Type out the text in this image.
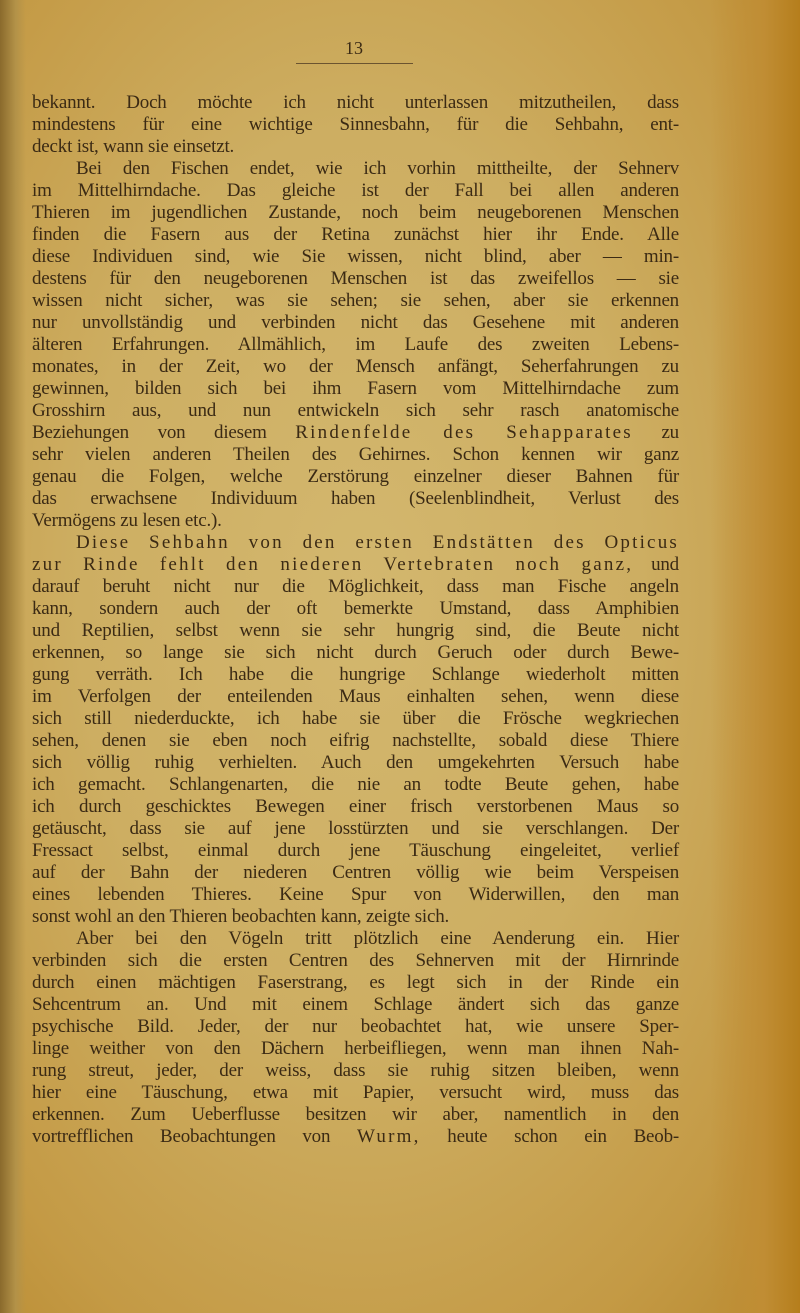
13
bekannt. Doch möchte ich nicht unterlassen mitzutheilen, dass
mindestens für eine wichtige Sinnesbahn, für die Sehbahn, ent-
deckt ist, wann sie einsetzt.
Bei den Fischen endet, wie ich vorhin mittheilte, der Sehnerv
im Mittelhirndache. Das gleiche ist der Fall bei allen anderen
Thieren im jugendlichen Zustande, noch beim neugeborenen Menschen
finden die Fasern aus der Retina zunächst hier ihr Ende. Alle
diese Individuen sind, wie Sie wissen, nicht blind, aber — min-
destens für den neugeborenen Menschen ist das zweifellos — sie
wissen nicht sicher, was sie sehen; sie sehen, aber sie erkennen
nur unvollständig und verbinden nicht das Gesehene mit anderen
älteren Erfahrungen. Allmählich, im Laufe des zweiten Lebens-
monates, in der Zeit, wo der Mensch anfängt, Seherfahrungen zu
gewinnen, bilden sich bei ihm Fasern vom Mittelhirndache zum
Grosshirn aus, und nun entwickeln sich sehr rasch anatomische
Beziehungen von diesem Rindenfelde des Sehapparates zu
sehr vielen anderen Theilen des Gehirnes. Schon kennen wir ganz
genau die Folgen, welche Zerstörung einzelner dieser Bahnen für
das erwachsene Individuum haben (Seelenblindheit, Verlust des
Vermögens zu lesen etc.).
Diese Sehbahn von den ersten Endstätten des Opticus
zur Rinde fehlt den niederen Vertebraten noch ganz, und
darauf beruht nicht nur die Möglichkeit, dass man Fische angeln
kann, sondern auch der oft bemerkte Umstand, dass Amphibien
und Reptilien, selbst wenn sie sehr hungrig sind, die Beute nicht
erkennen, so lange sie sich nicht durch Geruch oder durch Bewe-
gung verräth. Ich habe die hungrige Schlange wiederholt mitten
im Verfolgen der enteilenden Maus einhalten sehen, wenn diese
sich still niederduckte, ich habe sie über die Frösche wegkriechen
sehen, denen sie eben noch eifrig nachstellte, sobald diese Thiere
sich völlig ruhig verhielten. Auch den umgekehrten Versuch habe
ich gemacht. Schlangenarten, die nie an todte Beute gehen, habe
ich durch geschicktes Bewegen einer frisch verstorbenen Maus so
getäuscht, dass sie auf jene losstürzten und sie verschlangen. Der
Fressact selbst, einmal durch jene Täuschung eingeleitet, verlief
auf der Bahn der niederen Centren völlig wie beim Verspeisen
eines lebenden Thieres. Keine Spur von Widerwillen, den man
sonst wohl an den Thieren beobachten kann, zeigte sich.
Aber bei den Vögeln tritt plötzlich eine Aenderung ein. Hier
verbinden sich die ersten Centren des Sehnerven mit der Hirnrinde
durch einen mächtigen Faserstrang, es legt sich in der Rinde ein
Sehcentrum an. Und mit einem Schlage ändert sich das ganze
psychische Bild. Jeder, der nur beobachtet hat, wie unsere Sper-
linge weither von den Dächern herbeifliegen, wenn man ihnen Nah-
rung streut, jeder, der weiss, dass sie ruhig sitzen bleiben, wenn
hier eine Täuschung, etwa mit Papier, versucht wird, muss das
erkennen. Zum Ueberflusse besitzen wir aber, namentlich in den
vortrefflichen Beobachtungen von Wurm, heute schon ein Beob-
